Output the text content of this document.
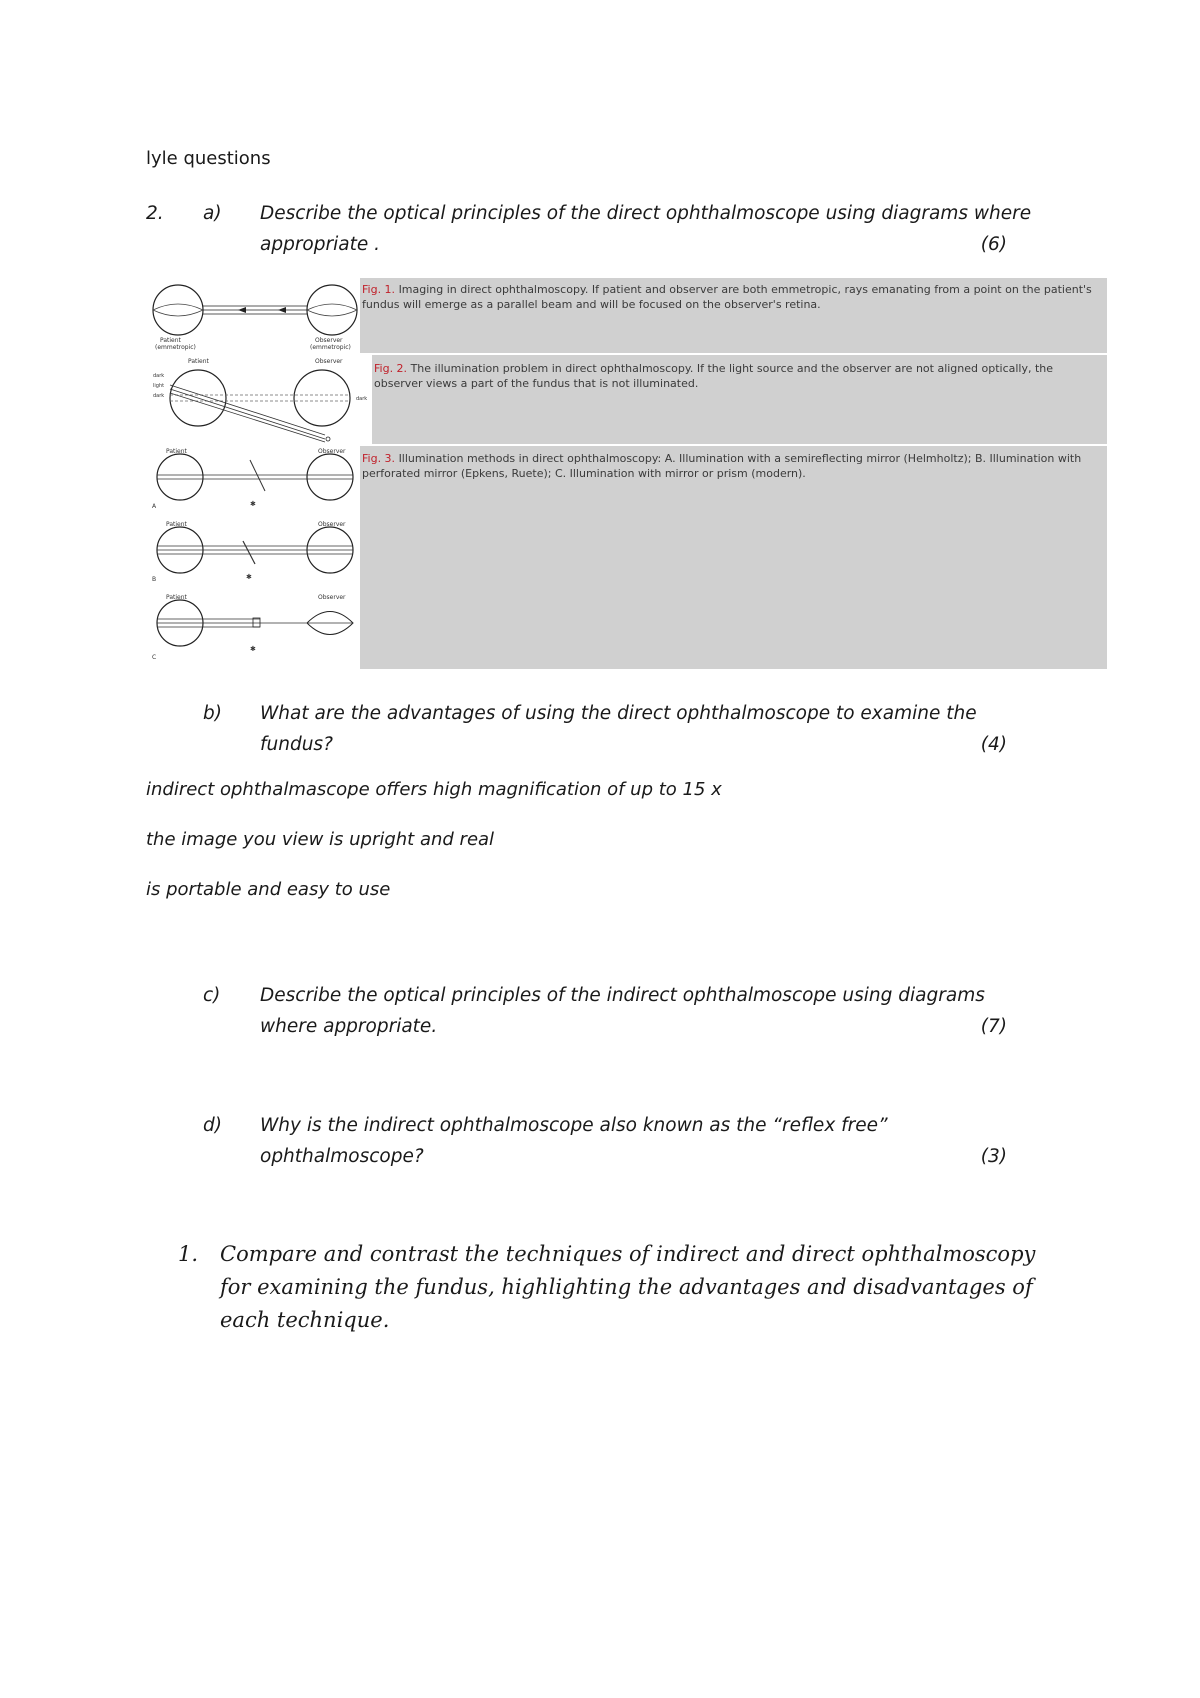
lyle questions
2.	a) Describe the optical principles of the direct ophthalmoscope using diagrams where
appropriate .	(6)
Patient
(emmetropic)
Observer
(emmetropic)
Fig. 1. Imaging in direct ophthalmoscopy. If patient and observer are both emmetropic, rays emanating from a point on the patient's fundus will emerge as a parallel beam and will be focused on the observer's retina.
Patient	Observer
dark
light
dark	dark
Fig. 2. The illumination problem in direct ophthalmoscopy. If the light source and the observer are not aligned optically, the observer views a part of the fundus that is not illuminated.
Patient	Observer
✱
A
Patient	Observer
✱
B
Patient	Observer
✱
C
Fig. 3. Illumination methods in direct ophthalmoscopy: A. Illumination with a semireflecting mirror (Helmholtz); B. Illumination with perforated mirror (Epkens, Ruete); C. Illumination with mirror or prism (modern).
b) What are the advantages of using the direct ophthalmoscope to examine the
fundus?	(4)
indirect ophthalmascope offers high magnification of up to 15 x
the image you view is upright and real
is portable and easy to use
c) Describe the optical principles of the indirect ophthalmoscope using diagrams
where appropriate.	(7)
d) Why is the indirect ophthalmoscope also known as the “reflex free”
ophthalmoscope?	(3)
1. Compare and contrast the techniques of indirect and direct ophthalmoscopy for examining the fundus, highlighting the advantages and disadvantages of each technique.
